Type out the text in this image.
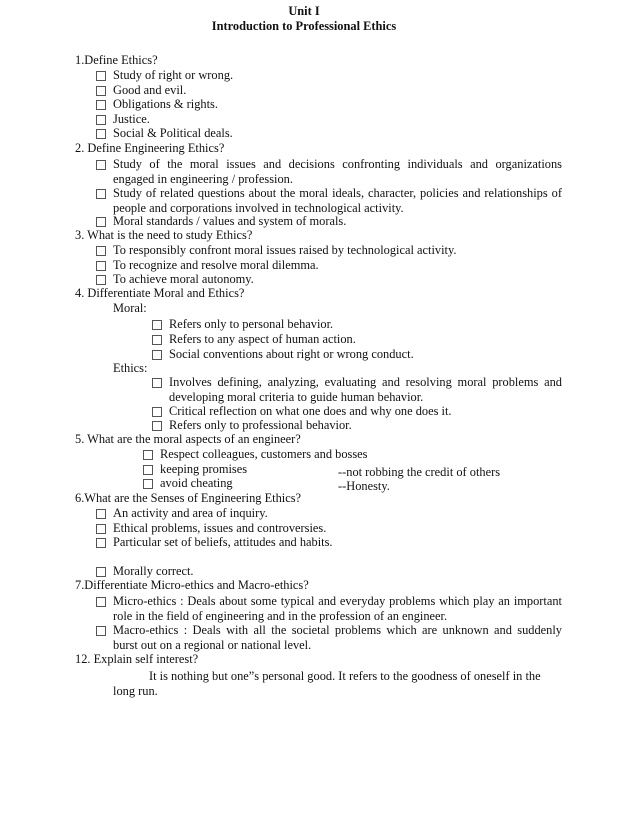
Unit I
Introduction to Professional Ethics
1.Define Ethics?
Study of right or wrong.
Good and evil.
Obligations & rights.
Justice.
Social & Political deals.
2. Define Engineering Ethics?
Study of the moral issues and decisions confronting individuals and organizations engaged in engineering / profession.
Study of related questions about the moral ideals, character, policies and relationships of people and corporations involved in technological activity.
Moral standards / values and system of morals.
3. What is the need to study Ethics?
To responsibly confront moral issues raised by technological activity.
To recognize and resolve moral dilemma.
To achieve moral autonomy.
4. Differentiate Moral and Ethics?
Moral:
Refers only to personal behavior.
Refers to any aspect of human action.
Social conventions about right or wrong conduct.
Ethics:
Involves defining, analyzing, evaluating and resolving moral problems and developing moral criteria to guide human behavior.
Critical reflection on what one does and why one does it.
Refers only to professional behavior.
5. What are the moral aspects of an engineer?
Respect colleagues, customers and bosses
keeping promises
avoid cheating
--not robbing the credit of others
--Honesty.
6.What are the Senses of Engineering Ethics?
An activity and area of inquiry.
Ethical problems, issues and controversies.
Particular set of beliefs, attitudes and habits.
Morally correct.
7.Differentiate Micro-ethics and Macro-ethics?
Micro-ethics : Deals about some typical and everyday problems which play an important role in the field of engineering and in the profession of an engineer.
Macro-ethics : Deals with all the societal problems which are unknown and suddenly burst out on a regional or national level.
12. Explain self interest?
It is nothing but one”s personal good. It refers to the goodness of oneself in the
long run.
